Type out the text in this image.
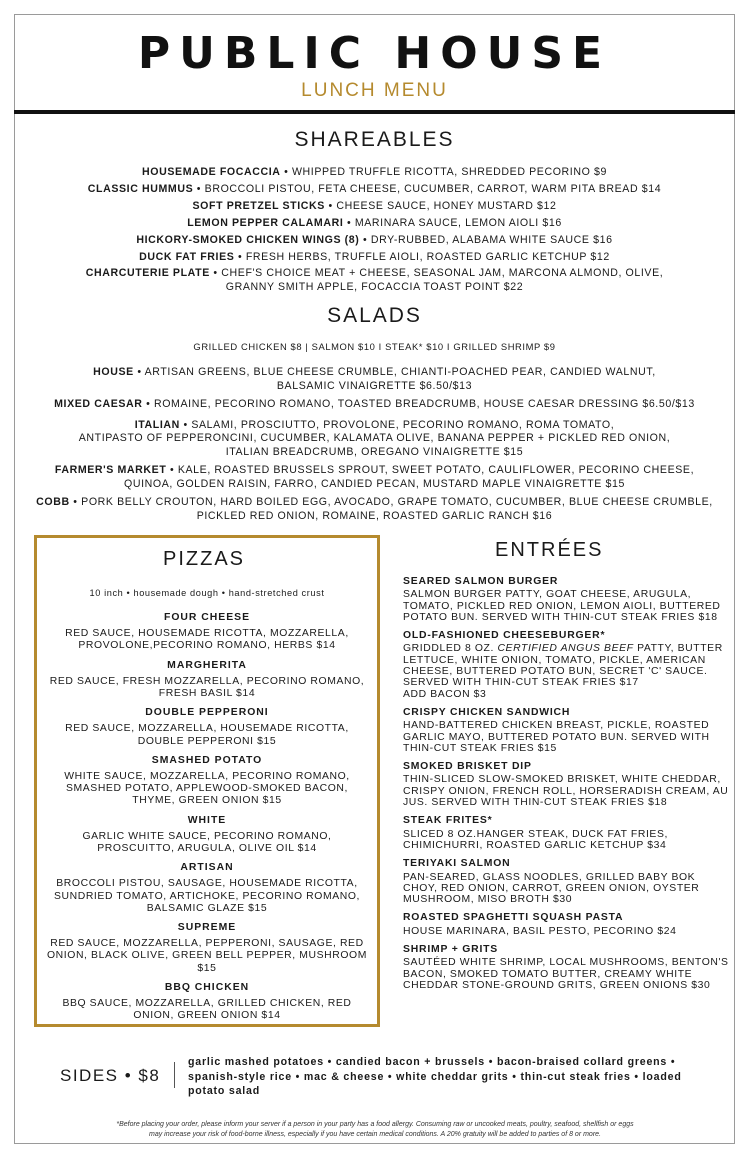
PUBLIC HOUSE
LUNCH MENU
SHAREABLES

HOUSEMADE FOCACCIA • WHIPPED TRUFFLE RICOTTA, SHREDDED PECORINO $9

CLASSIC HUMMUS • BROCCOLI PISTOU, FETA CHEESE, CUCUMBER, CARROT, WARM PITA BREAD $14

SOFT PRETZEL STICKS • CHEESE SAUCE, HONEY MUSTARD $12

LEMON PEPPER CALAMARI • MARINARA SAUCE, LEMON AIOLI $16

HICKORY-SMOKED CHICKEN WINGS (8) • DRY-RUBBED, ALABAMA WHITE SAUCE $16

DUCK FAT FRIES • FRESH HERBS, TRUFFLE AIOLI, ROASTED GARLIC KETCHUP $12

CHARCUTERIE PLATE • CHEF'S CHOICE MEAT + CHEESE, SEASONAL JAM, MARCONA ALMOND, OLIVE,
GRANNY SMITH APPLE, FOCACCIA TOAST POINT $22

SALADS
GRILLED CHICKEN $8 | SALMON $10 I STEAK* $10 I GRILLED SHRIMP $9
HOUSE • ARTISAN GREENS, BLUE CHEESE CRUMBLE, CHIANTI-POACHED PEAR, CANDIED WALNUT,
BALSAMIC VINAIGRETTE $6.50/$13
MIXED CAESAR • ROMAINE, PECORINO ROMANO, TOASTED BREADCRUMB, HOUSE CAESAR DRESSING $6.50/$13
ITALIAN • SALAMI, PROSCIUTTO, PROVOLONE, PECORINO ROMANO, ROMA TOMATO,
ANTIPASTO OF PEPPERONCINI, CUCUMBER, KALAMATA OLIVE, BANANA PEPPER + PICKLED RED ONION,
ITALIAN BREADCRUMB, OREGANO VINAIGRETTE $15
FARMER'S MARKET • KALE, ROASTED BRUSSELS SPROUT, SWEET POTATO, CAULIFLOWER, PECORINO CHEESE,
QUINOA, GOLDEN RAISIN, FARRO, CANDIED PECAN, MUSTARD MAPLE VINAIGRETTE $15
COBB • PORK BELLY CROUTON, HARD BOILED EGG, AVOCADO, GRAPE TOMATO, CUCUMBER, BLUE CHEESE CRUMBLE,
PICKLED RED ONION, ROMAINE, ROASTED GARLIC RANCH $16
PIZZAS
10 inch • housemade dough • hand-stretched crust
FOUR CHEESE
RED SAUCE, HOUSEMADE RICOTTA, MOZZARELLA, PROVOLONE,PECORINO ROMANO, HERBS $14
MARGHERITA
RED SAUCE, FRESH MOZZARELLA, PECORINO ROMANO, FRESH BASIL $14
DOUBLE PEPPERONI
RED SAUCE, MOZZARELLA, HOUSEMADE RICOTTA, DOUBLE PEPPERONI $15
SMASHED POTATO
WHITE SAUCE, MOZZARELLA, PECORINO ROMANO, SMASHED POTATO, APPLEWOOD-SMOKED BACON, THYME, GREEN ONION $15
WHITE
GARLIC WHITE SAUCE, PECORINO ROMANO, PROSCUITTO, ARUGULA, OLIVE OIL $14
ARTISAN
BROCCOLI PISTOU, SAUSAGE, HOUSEMADE RICOTTA, SUNDRIED TOMATO, ARTICHOKE, PECORINO ROMANO, BALSAMIC GLAZE $15
SUPREME
RED SAUCE, MOZZARELLA, PEPPERONI, SAUSAGE, RED ONION, BLACK OLIVE, GREEN BELL PEPPER, MUSHROOM $15
BBQ CHICKEN
BBQ SAUCE, MOZZARELLA, GRILLED CHICKEN, RED ONION, GREEN ONION $14
ENTRÉES
SEARED SALMON BURGER
SALMON BURGER PATTY, GOAT CHEESE, ARUGULA, TOMATO, PICKLED RED ONION, LEMON AIOLI, BUTTERED POTATO BUN. SERVED WITH THIN-CUT STEAK FRIES $18
OLD-FASHIONED CHEESEBURGER*
GRIDDLED 8 OZ. CERTIFIED ANGUS BEEF PATTY, BUTTER LETTUCE, WHITE ONION, TOMATO, PICKLE, AMERICAN CHEESE, BUTTERED POTATO BUN, SECRET 'C' SAUCE. SERVED WITH THIN-CUT STEAK FRIES $17
ADD BACON $3
CRISPY CHICKEN SANDWICH
HAND-BATTERED CHICKEN BREAST, PICKLE, ROASTED GARLIC MAYO, BUTTERED POTATO BUN. SERVED WITH THIN-CUT STEAK FRIES $15
SMOKED BRISKET DIP
THIN-SLICED SLOW-SMOKED BRISKET, WHITE CHEDDAR, CRISPY ONION, FRENCH ROLL, HORSERADISH CREAM, AU JUS. SERVED WITH THIN-CUT STEAK FRIES $18
STEAK FRITES*
SLICED 8 OZ.HANGER STEAK, DUCK FAT FRIES, CHIMICHURRI, ROASTED GARLIC KETCHUP $34
TERIYAKI SALMON
PAN-SEARED, GLASS NOODLES, GRILLED BABY BOK CHOY, RED ONION, CARROT, GREEN ONION, OYSTER MUSHROOM, MISO BROTH $30
ROASTED SPAGHETTI SQUASH PASTA
HOUSE MARINARA, BASIL PESTO, PECORINO $24
SHRIMP + GRITS
SAUTÉED WHITE SHRIMP, LOCAL MUSHROOMS, BENTON'S BACON, SMOKED TOMATO BUTTER, CREAMY WHITE CHEDDAR STONE-GROUND GRITS, GREEN ONIONS $30
SIDES • $8
garlic mashed potatoes • candied bacon + brussels • bacon-braised collard greens • spanish-style rice • mac & cheese • white cheddar grits • thin-cut steak fries • loaded potato salad
*Before placing your order, please inform your server if a person in your party has a food allergy. Consuming raw or uncooked meats, poultry, seafood, shellfish or eggs
may increase your risk of food-borne illness, especially if you have certain medical conditions. A 20% gratuity will be added to parties of 8 or more.
